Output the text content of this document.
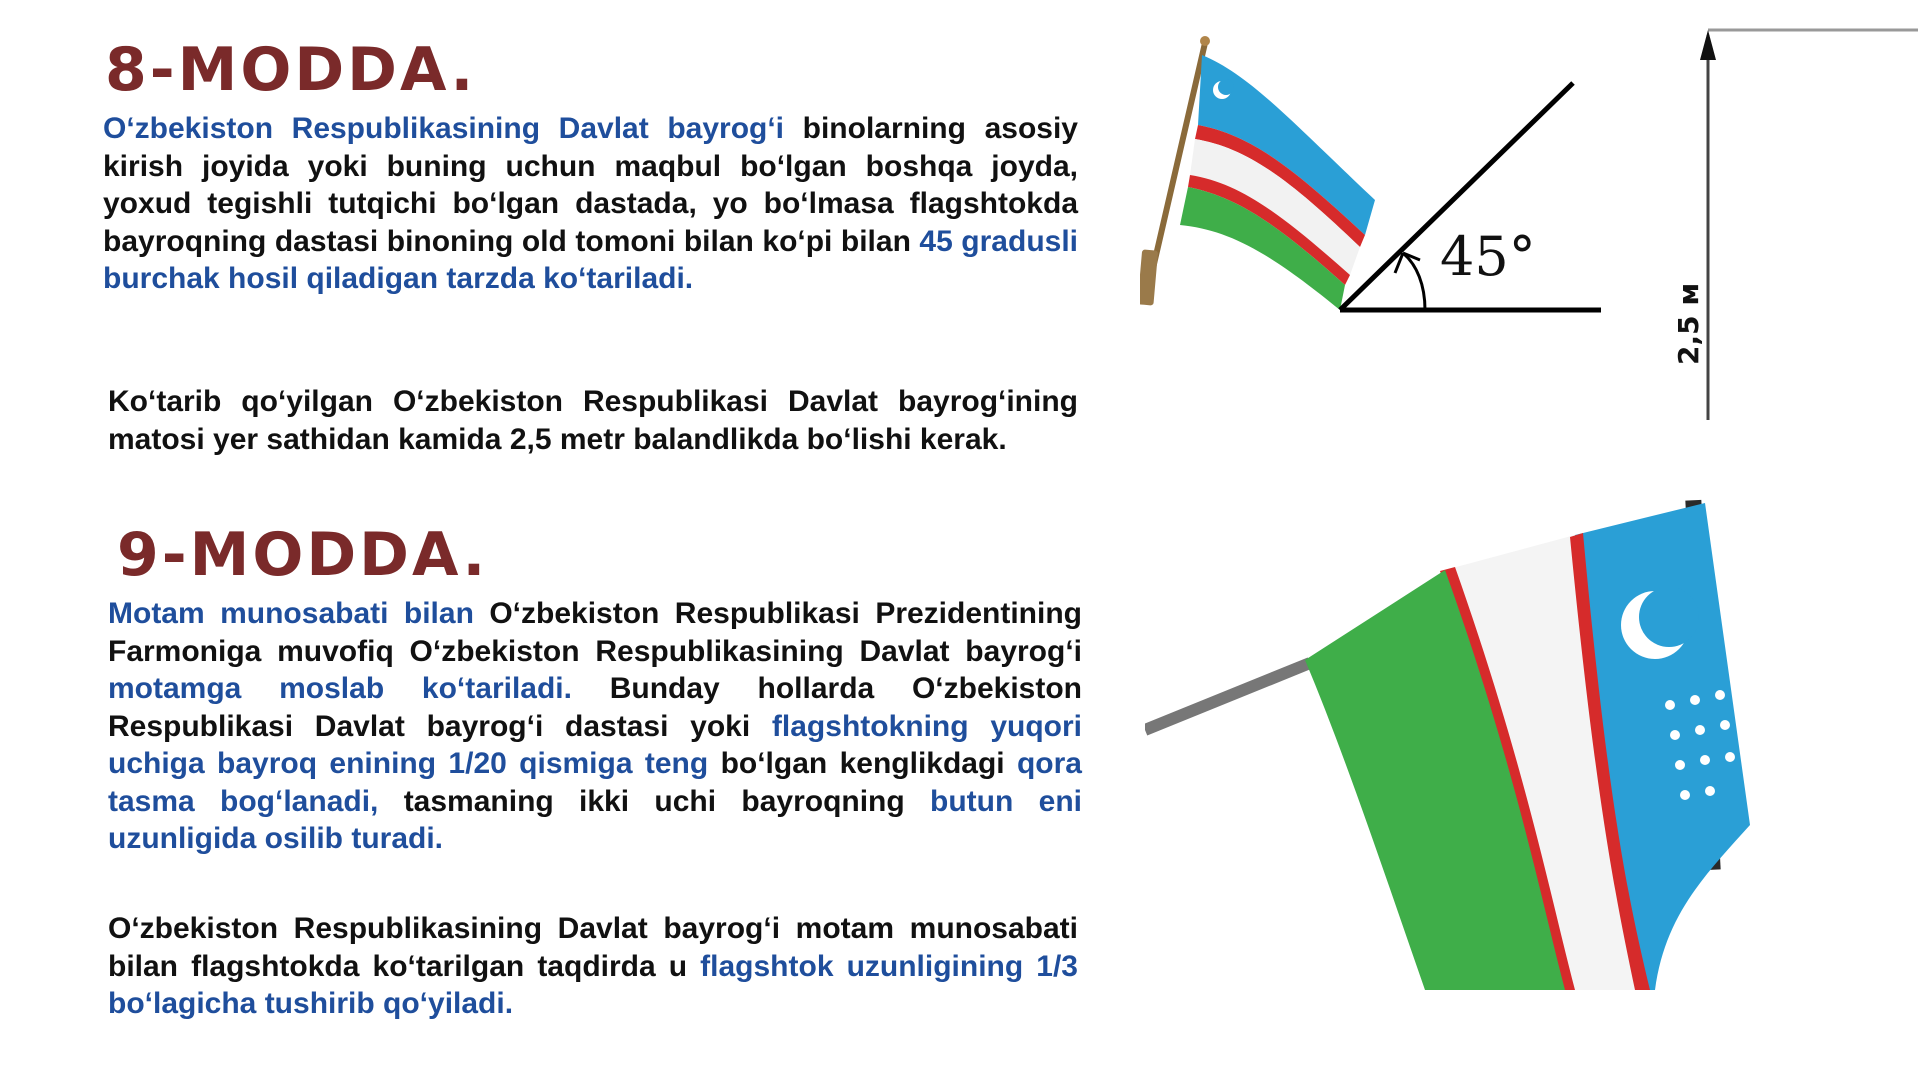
8-MODDA.

O‘zbekiston Respublikasining Davlat bayrog‘i binolarning asosiy kirish joyida yoki buning uchun maqbul bo‘lgan boshqa joyda, yoxud tegishli tutqichi bo‘lgan dastada, yo bo‘lmasa flagshtokda bayroqning dastasi binoning old tomoni bilan ko‘pi bilan 45 gradusli burchak hosil qiladigan tarzda ko‘tariladi.

Ko‘tarib qo‘yilgan O‘zbekiston Respublikasi Davlat bayrog‘ining matosi yer sathidan kamida 2,5 metr balandlikda bo‘lishi kerak.

9-MODDA.

Motam munosabati bilan O‘zbekiston Respublikasi Prezidentining Farmoniga muvofiq O‘zbekiston Respublikasining Davlat bayrog‘i motamga moslab ko‘tariladi. Bunday hollarda O‘zbekiston Respublikasi Davlat bayrog‘i dastasi yoki flagshtokning yuqori uchiga bayroq enining 1/20 qismiga teng bo‘lgan kenglikdagi qora tasma bog‘lanadi, tasmaning ikki uchi bayroqning butun eni uzunligida osilib turadi.

O‘zbekiston Respublikasining Davlat bayrog‘i motam munosabati bilan flagshtokda ko‘tarilgan taqdirda u flagshtok uzunligining 1/3 bo‘lagicha tushirib qo‘yiladi.

45°
2,5 м
